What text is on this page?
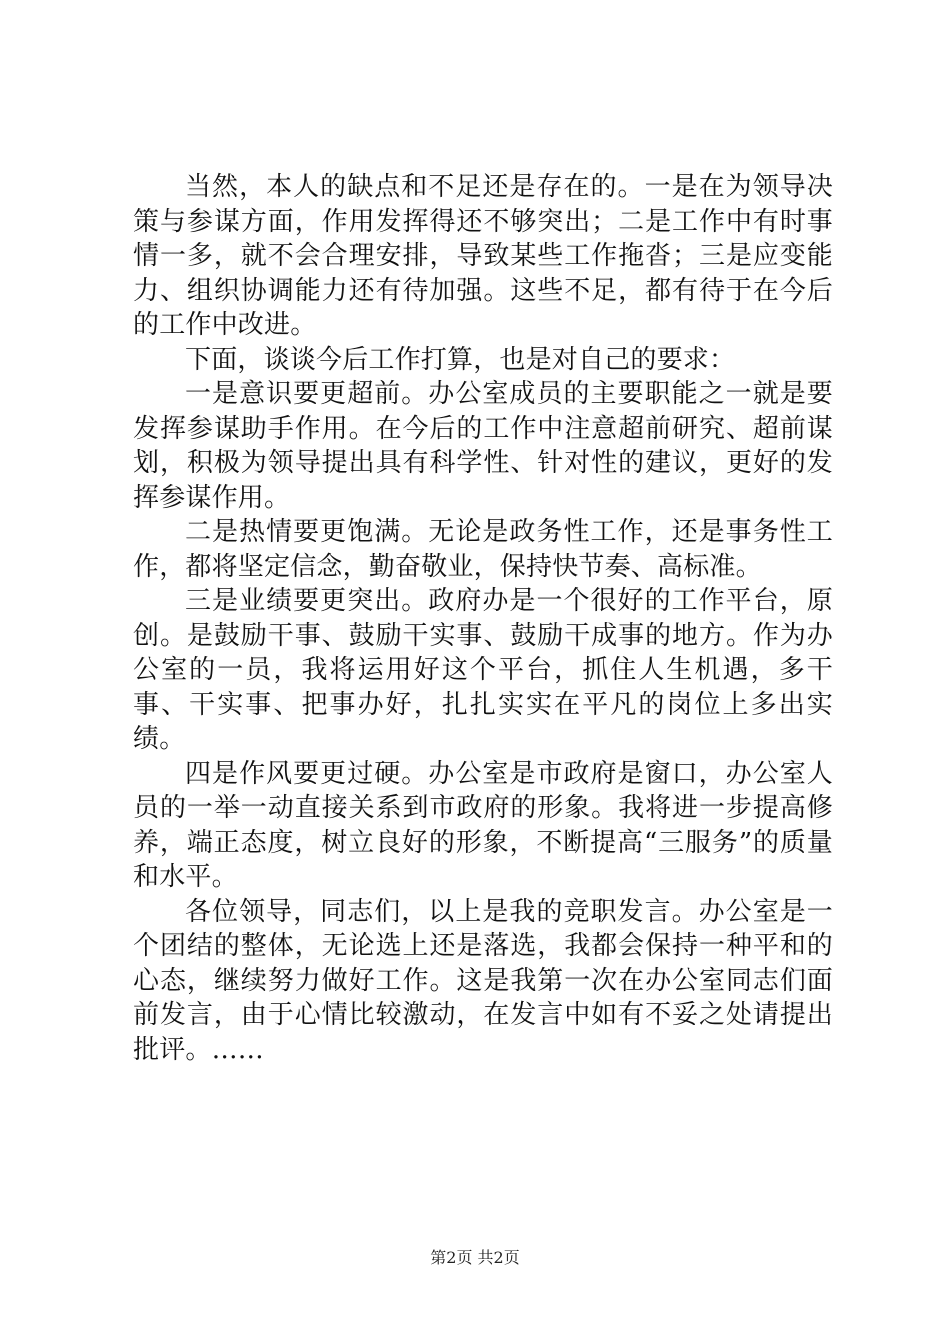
当然，本人的缺点和不足还是存在的。一是在为领导决策与参谋方面，作用发挥得还不够突出；二是工作中有时事情一多，就不会合理安排，导致某些工作拖沓；三是应变能力、组织协调能力还有待加强。这些不足，都有待于在今后的工作中改进。

下面，谈谈今后工作打算，也是对自己的要求：

一是意识要更超前。办公室成员的主要职能之一就是要发挥参谋助手作用。在今后的工作中注意超前研究、超前谋划，积极为领导提出具有科学性、针对性的建议，更好的发挥参谋作用。

二是热情要更饱满。无论是政务性工作，还是事务性工作，都将坚定信念，勤奋敬业，保持快节奏、高标准。

三是业绩要更突出。政府办是一个很好的工作平台，原创。是鼓励干事、鼓励干实事、鼓励干成事的地方。作为办公室的一员，我将运用好这个平台，抓住人生机遇，多干事、干实事、把事办好，扎扎实实在平凡的岗位上多出实绩。

四是作风要更过硬。办公室是市政府是窗口，办公室人员的一举一动直接关系到市政府的形象。我将进一步提高修养，端正态度，树立良好的形象，不断提高“三服务”的质量和水平。

各位领导，同志们，以上是我的竞职发言。办公室是一个团结的整体，无论选上还是落选，我都会保持一种平和的心态，继续努力做好工作。这是我第一次在办公室同志们面前发言，由于心情比较激动，在发言中如有不妥之处请提出批评。……

第2页 共2页
